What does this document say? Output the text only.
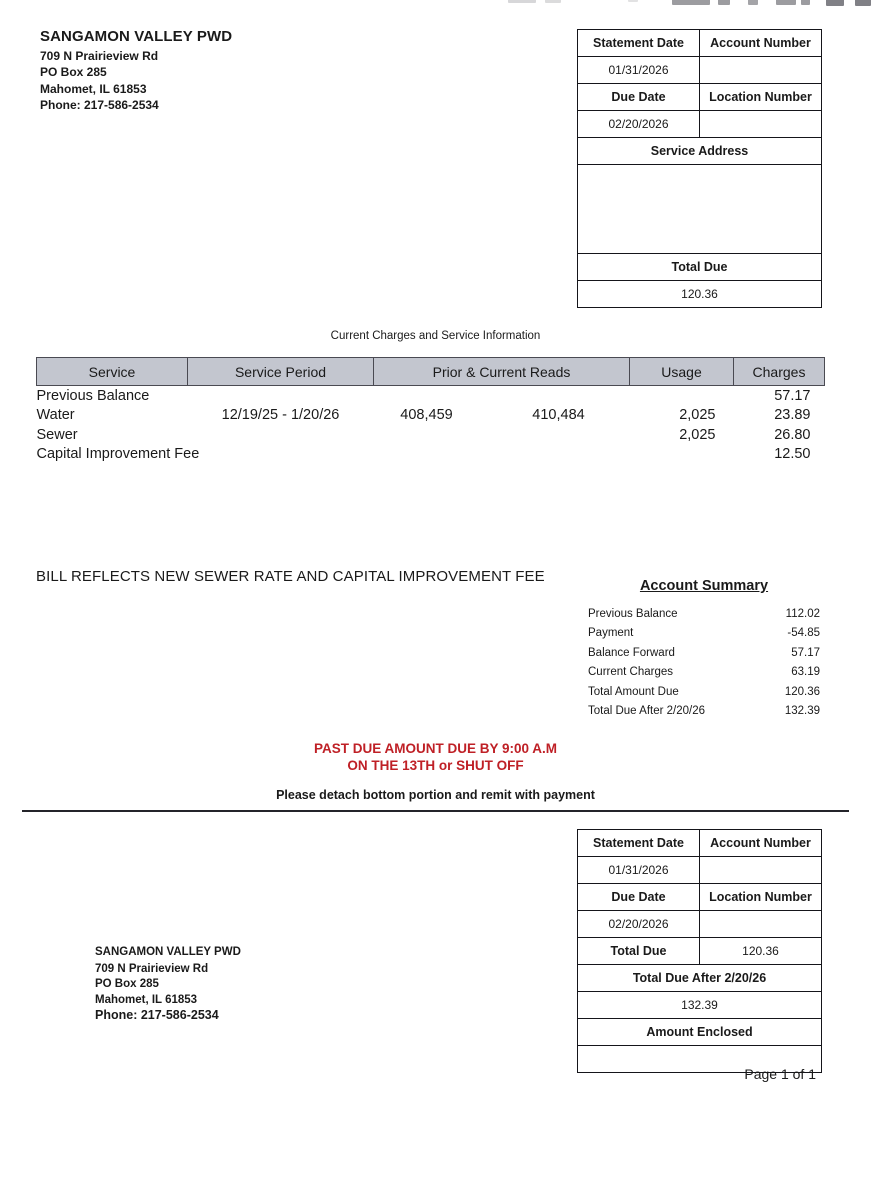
SANGAMON VALLEY PWD
709 N Prairieview Rd
PO Box 285
Mahomet, IL 61853
Phone: 217-586-2534
Statement Date	Account Number
01/31/2026	
Due Date	Location Number
02/20/2026	
Service Address	

Total Due	
120.36	
Current Charges and Service Information
Service	Service Period	Prior & Current Reads	Usage	Charges
Previous Balance				57.17
Water	12/19/25 - 1/20/26	408,459 410,484	2,025	23.89
Sewer			2,025	26.80
Capital Improvement Fee				12.50
BILL REFLECTS NEW SEWER RATE AND CAPITAL IMPROVEMENT FEE
Account Summary
Previous Balance	112.02
Payment	-54.85
Balance Forward	57.17
Current Charges	63.19
Total Amount Due	120.36
Total Due After 2/20/26	132.39
PAST DUE AMOUNT DUE BY 9:00 A.M
ON THE 13TH or SHUT OFF
Please detach bottom portion and remit with payment
Statement Date	Account Number
01/31/2026	
Due Date	Location Number
02/20/2026	
Total Due	120.36
Total Due After 2/20/26	
132.39	
Amount Enclosed	

SANGAMON VALLEY PWD
709 N Prairieview Rd
PO Box 285
Mahomet, IL 61853
Phone: 217-586-2534
Page 1 of 1
